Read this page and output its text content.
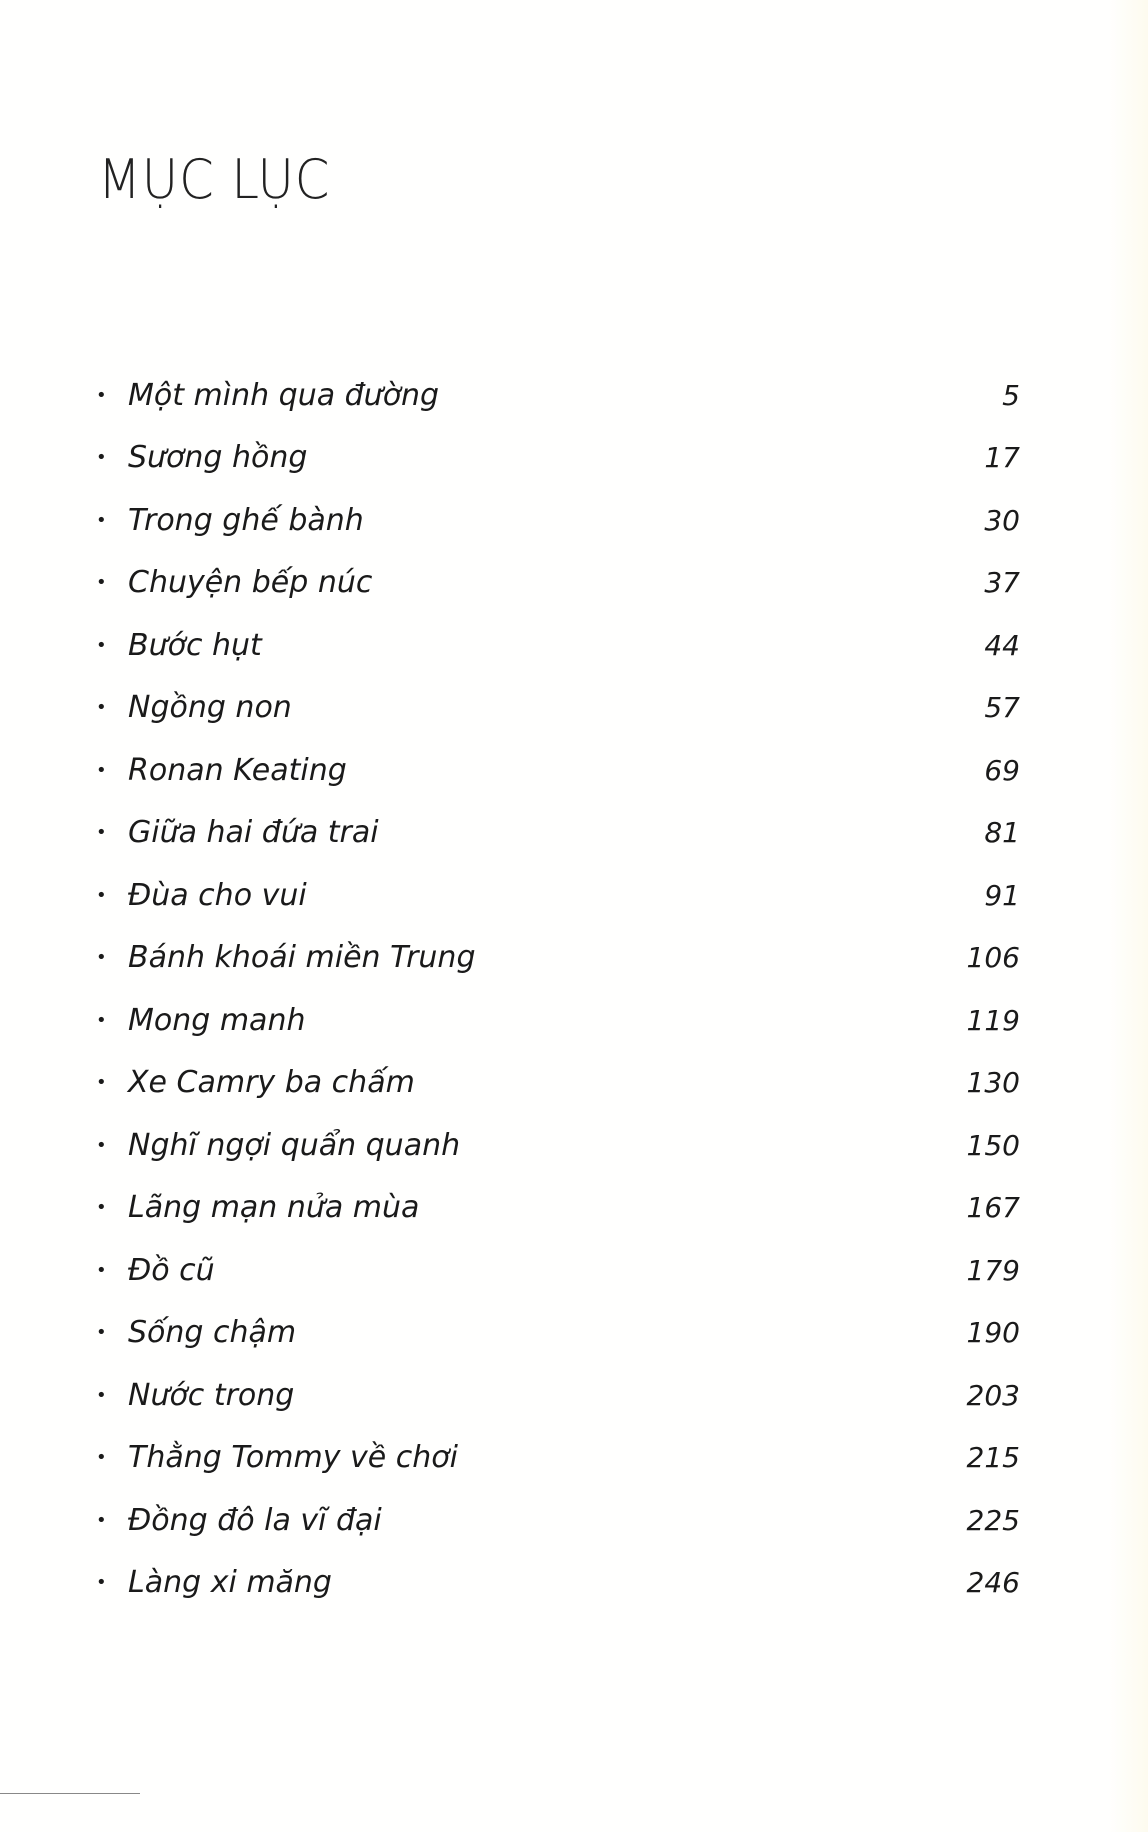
MỤC LỤC
• Một mình qua đường	5
• Sương hồng	17
• Trong ghế bành	30
• Chuyện bếp núc	37
• Bước hụt	44
• Ngồng non	57
• Ronan Keating	69
• Giữa hai đứa trai	81
• Đùa cho vui	91
• Bánh khoái miền Trung	106
• Mong manh	119
• Xe Camry ba chấm	130
• Nghĩ ngợi quẩn quanh	150
• Lãng mạn nửa mùa	167
• Đồ cũ	179
• Sống chậm	190
• Nước trong	203
• Thằng Tommy về chơi	215
• Đồng đô la vĩ đại	225
• Làng xi măng	246
